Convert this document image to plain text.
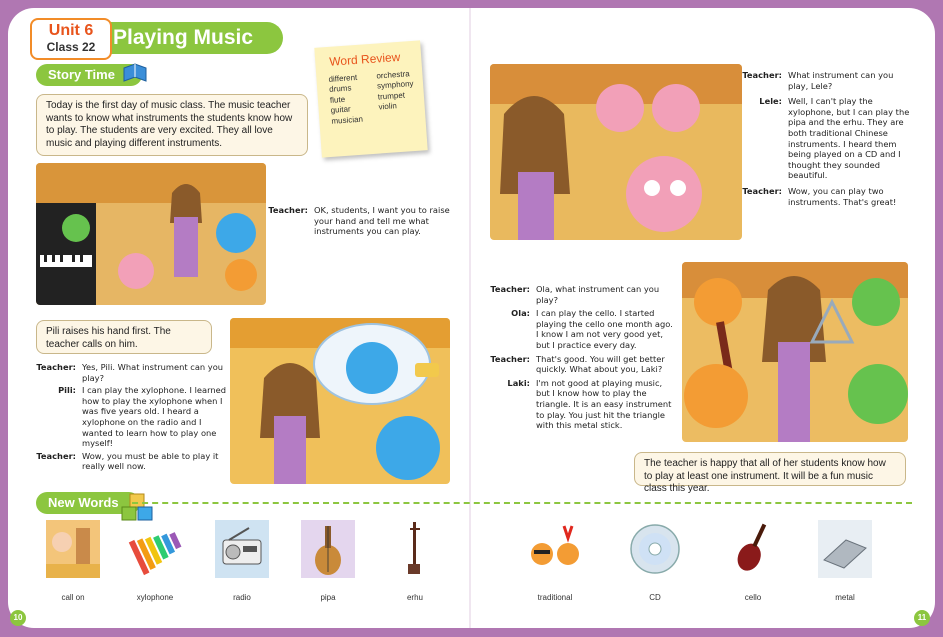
Playing Music
Unit 6
Class 22
Story Time
Word Review
different
drums
flute
guitar
musician
orchestra
symphony
trumpet
violin
Today is the first day of music class. The music teacher wants to know what instruments the students know how to play. The students are very excited. They all love music and playing different instruments.
Teacher: OK, students, I want you to raise your hand and tell me what instruments you can play.
Pili raises his hand first. The teacher calls on him.
Teacher: Yes, Pili. What instrument can you play?
Pili: I can play the xylophone. I learned how to play the xylophone when I was five years old. I heard a xylophone on the radio and I wanted to learn how to play one myself!
Teacher: Wow, you must be able to play it really well now.
Teacher: What instrument can you play, Lele?
Lele: Well, I can't play the xylophone, but I can play the pipa and the erhu. They are both traditional Chinese instruments. I heard them being played on a CD and I thought they sounded beautiful.
Teacher: Wow, you can play two instruments. That's great!
Teacher: Ola, what instrument can you play?
Ola: I can play the cello. I started playing the cello one month ago. I know I am not very good yet, but I practice every day.
Teacher: That's good. You will get better quickly. What about you, Laki?
Laki: I'm not good at playing music, but I know how to play the triangle. It is an easy instrument to play. You just hit the triangle with this metal stick.
The teacher is happy that all of her students know how to play at least one instrument. It will be a fun music class this year.
New Words
call on	xylophone	radio	pipa	erhu	traditional	CD	cello	metal
10	11
